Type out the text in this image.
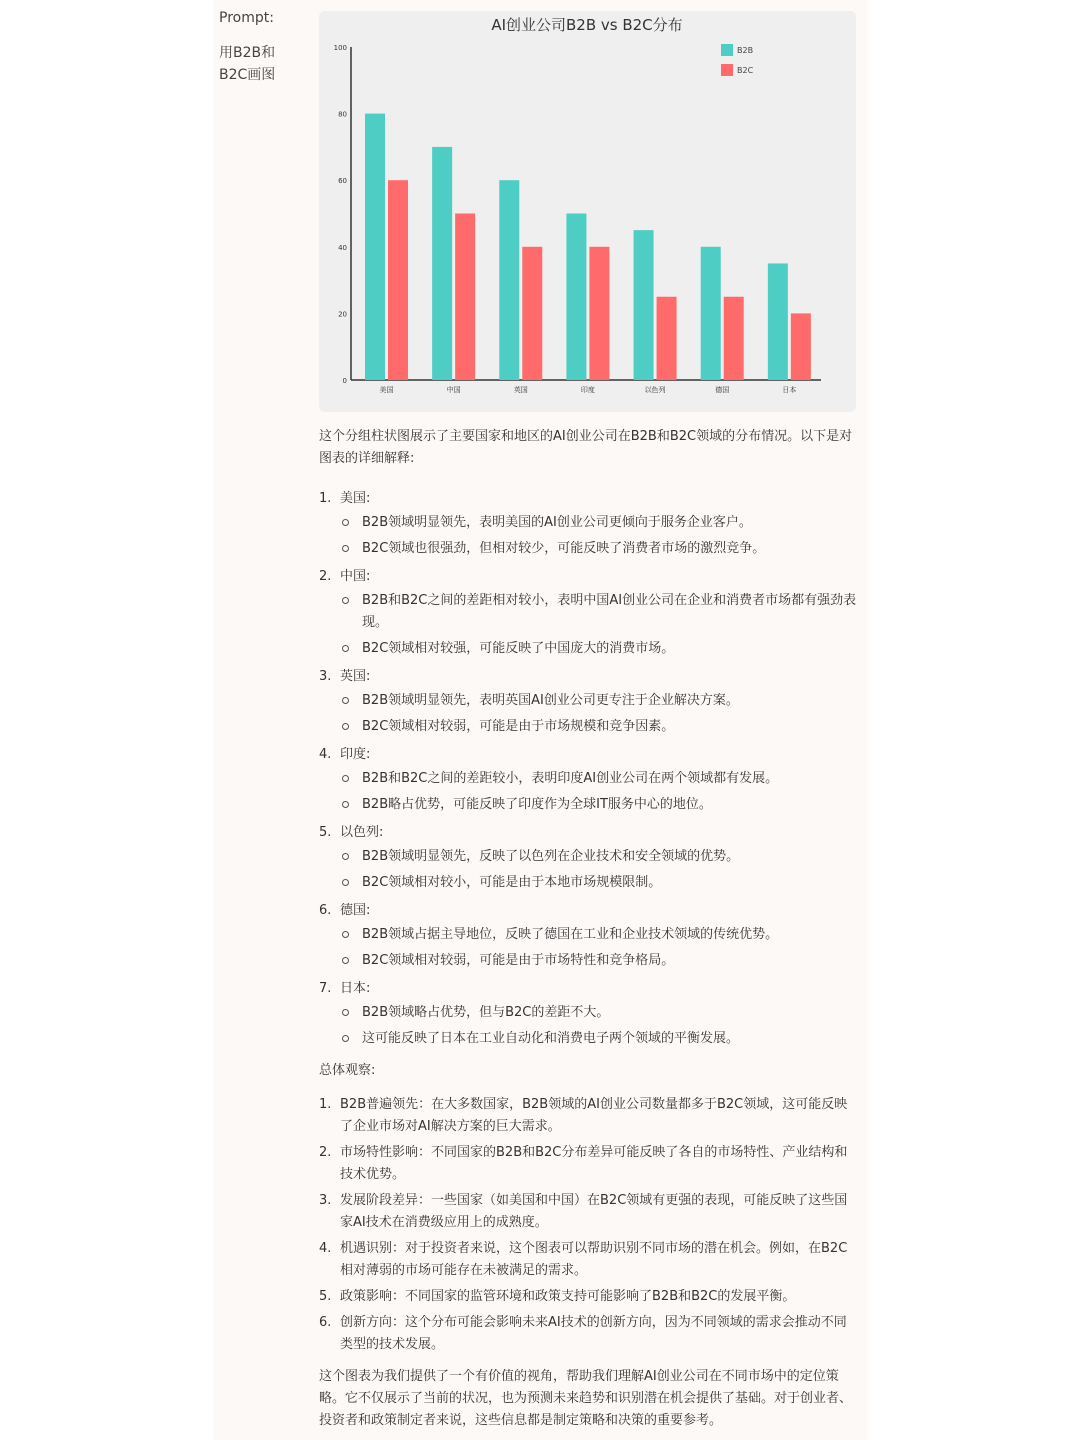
Prompt:
用B2B和B2C画图
AI创业公司B2B vs B2C分布
0
20
40
60
80
100
美国	中国	英国	印度	以色列	德国	日本
B2B
B2C

这个分组柱状图展示了主要国家和地区的AI创业公司在B2B和B2C领域的分布情况。以下是对图表的详细解释:

1. 美国:
B2B领域明显领先，表明美国的AI创业公司更倾向于服务企业客户。
B2C领域也很强劲，但相对较少，可能反映了消费者市场的激烈竞争。
2. 中国:
B2B和B2C之间的差距相对较小，表明中国AI创业公司在企业和消费者市场都有强劲表现。
B2C领域相对较强，可能反映了中国庞大的消费市场。
3. 英国:
B2B领域明显领先，表明英国AI创业公司更专注于企业解决方案。
B2C领域相对较弱，可能是由于市场规模和竞争因素。
4. 印度:
B2B和B2C之间的差距较小，表明印度AI创业公司在两个领域都有发展。
B2B略占优势，可能反映了印度作为全球IT服务中心的地位。
5. 以色列:
B2B领域明显领先，反映了以色列在企业技术和安全领域的优势。
B2C领域相对较小，可能是由于本地市场规模限制。
6. 德国:
B2B领域占据主导地位，反映了德国在工业和企业技术领域的传统优势。
B2C领域相对较弱，可能是由于市场特性和竞争格局。
7. 日本:
B2B领域略占优势，但与B2C的差距不大。
这可能反映了日本在工业自动化和消费电子两个领域的平衡发展。

总体观察:

1. B2B普遍领先：在大多数国家，B2B领域的AI创业公司数量都多于B2C领域，这可能反映了企业市场对AI解决方案的巨大需求。
2. 市场特性影响：不同国家的B2B和B2C分布差异可能反映了各自的市场特性、产业结构和技术优势。
3. 发展阶段差异：一些国家（如美国和中国）在B2C领域有更强的表现，可能反映了这些国家AI技术在消费级应用上的成熟度。
4. 机遇识别：对于投资者来说，这个图表可以帮助识别不同市场的潜在机会。例如，在B2C相对薄弱的市场可能存在未被满足的需求。
5. 政策影响：不同国家的监管环境和政策支持可能影响了B2B和B2C的发展平衡。
6. 创新方向：这个分布可能会影响未来AI技术的创新方向，因为不同领域的需求会推动不同类型的技术发展。

这个图表为我们提供了一个有价值的视角，帮助我们理解AI创业公司在不同市场中的定位策略。它不仅展示了当前的状况，也为预测未来趋势和识别潜在机会提供了基础。对于创业者、投资者和政策制定者来说，这些信息都是制定策略和决策的重要参考。
